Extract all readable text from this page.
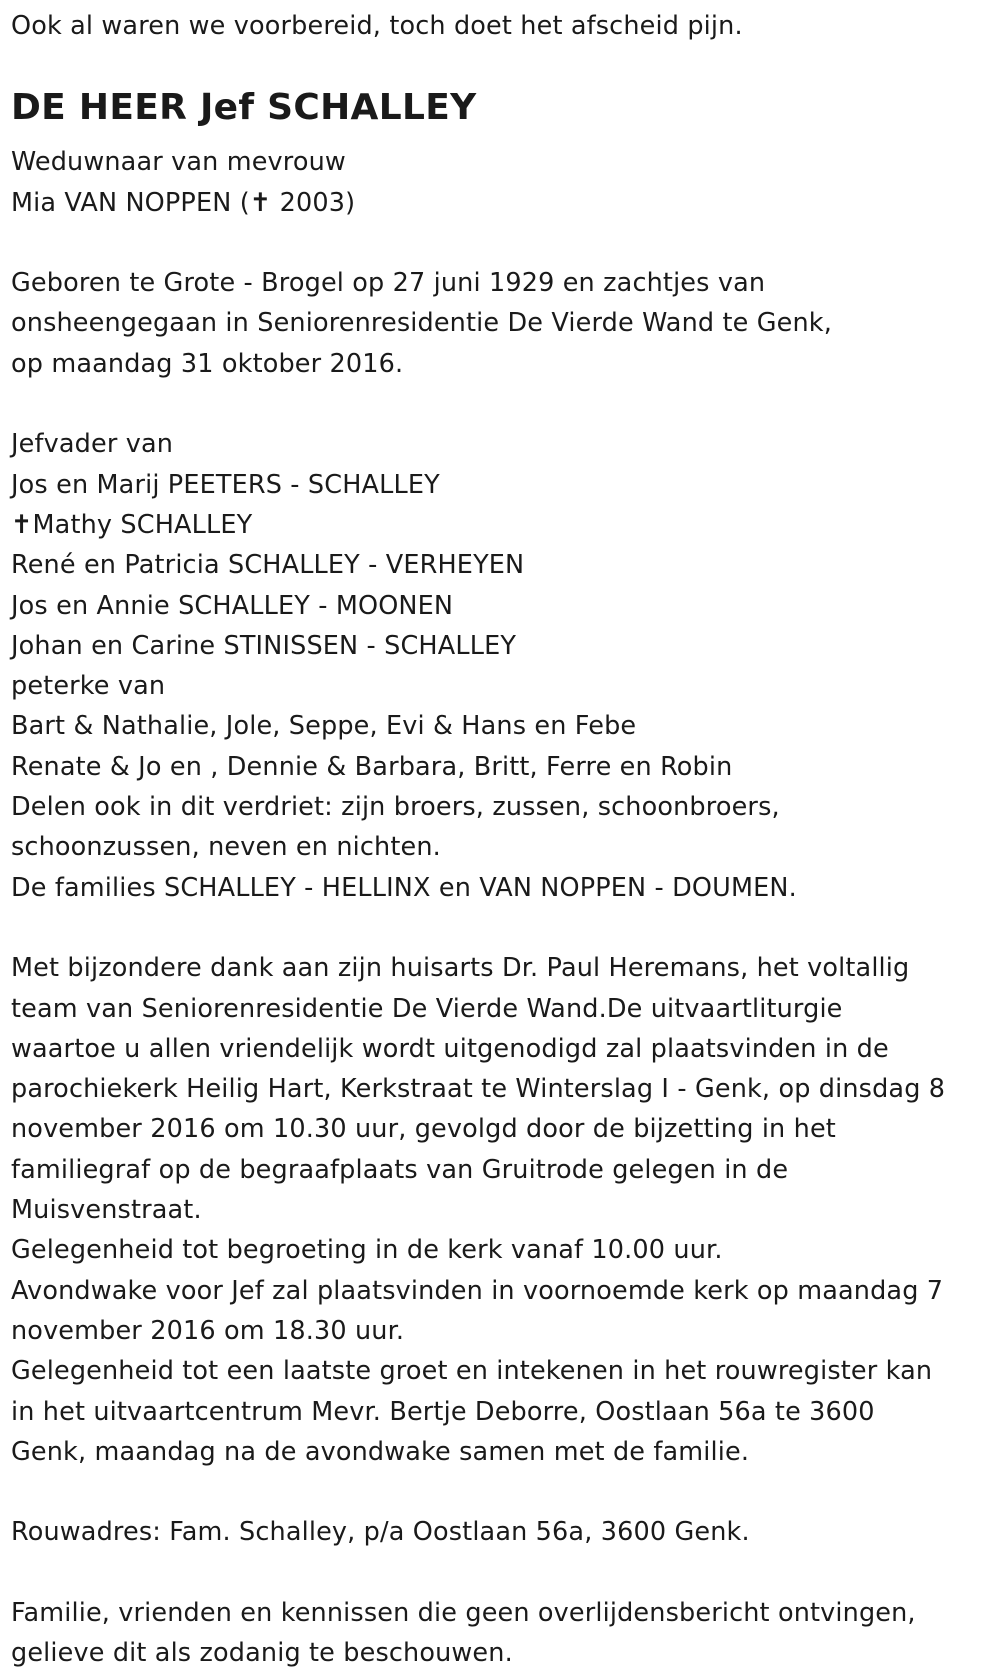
Ook al waren we voorbereid, toch doet het afscheid pijn.
DE HEER Jef SCHALLEY
Weduwnaar van mevrouw
Mia VAN NOPPEN (✝ 2003)
Geboren te Grote - Brogel op 27 juni 1929 en zachtjes van
onsheengegaan in Seniorenresidentie De Vierde Wand te Genk,
op maandag 31 oktober 2016.
Jefvader van
Jos en Marij PEETERS - SCHALLEY
✝Mathy SCHALLEY
René en Patricia SCHALLEY - VERHEYEN
Jos en Annie SCHALLEY - MOONEN
Johan en Carine STINISSEN - SCHALLEY
peterke van
Bart & Nathalie, Jole, Seppe, Evi & Hans en Febe
Renate & Jo en , Dennie & Barbara, Britt, Ferre en Robin
Delen ook in dit verdriet: zijn broers, zussen, schoonbroers,
schoonzussen, neven en nichten.
De families SCHALLEY - HELLINX en VAN NOPPEN - DOUMEN.
Met bijzondere dank aan zijn huisarts Dr. Paul Heremans, het voltallig
team van Seniorenresidentie De Vierde Wand.De uitvaartliturgie
waartoe u allen vriendelijk wordt uitgenodigd zal plaatsvinden in de
parochiekerk Heilig Hart, Kerkstraat te Winterslag I - Genk, op dinsdag 8
november 2016 om 10.30 uur, gevolgd door de bijzetting in het
familiegraf op de begraafplaats van Gruitrode gelegen in de
Muisvenstraat.
Gelegenheid tot begroeting in de kerk vanaf 10.00 uur.
Avondwake voor Jef zal plaatsvinden in voornoemde kerk op maandag 7
november 2016 om 18.30 uur.
Gelegenheid tot een laatste groet en intekenen in het rouwregister kan
in het uitvaartcentrum Mevr. Bertje Deborre, Oostlaan 56a te 3600
Genk, maandag na de avondwake samen met de familie.
Rouwadres: Fam. Schalley, p/a Oostlaan 56a, 3600 Genk.
Familie, vrienden en kennissen die geen overlijdensbericht ontvingen,
gelieve dit als zodanig te beschouwen.
